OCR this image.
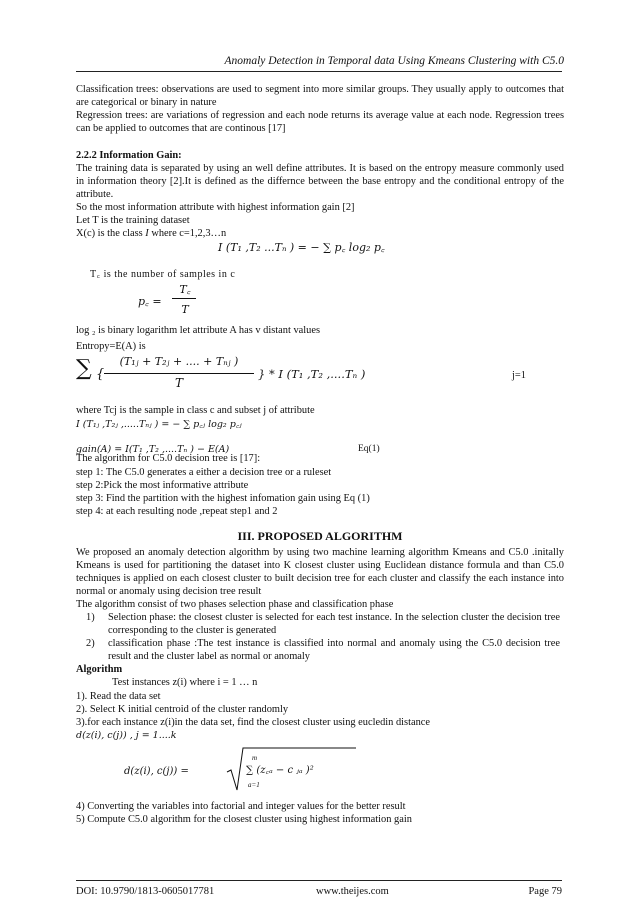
Anomaly Detection in Temporal data Using Kmeans Clustering with C5.0
Classification trees: observations are used to segment into more similar groups. They usually apply to outcomes that are categorical or binary in nature
Regression trees: are variations of regression and each node returns its average value at each node. Regression trees can be applied to outcomes that are continous [17]
2.2.2 Information Gain:
The training data is separated by using an well define attributes. It is based on the entropy measure commonly used in information theory [2].It is defined as the differnce between the base entropy and the conditional entropy of the attribute.
So the most information attribute with highest information gain [2]
Let T is the training dataset
X(c) is the class I where c=1,2,3…n
I (T₁ ,T₂ ...Tₙ ) = − ∑ p꜀ log₂ p꜀
T꜀ is the number of samples in c
p꜀ =
T꜀
T
log ₂ is binary logarithm let attribute A has v distant values
Entropy=E(A) is
∑ {
(T₁ⱼ + T₂ⱼ + .... + Tₙⱼ )
T
} * I (T₁ ,T₂ ,....Tₙ )	j=1
where Tcj is the sample in class c and subset j of attribute
I (T₁ⱼ ,T₂ⱼ ,.....Tₙⱼ ) = − ∑ p꜀ⱼ log₂ p꜀ⱼ
gain(A) = I(T₁ ,T₂ ,....Tₙ ) − E(A)	Eq(1)
The algorithm for C5.0 decision tree is [17]:
step 1: The C5.0 generates a either a decision tree or a ruleset
step 2:Pick the most informative attribute
step 3: Find the partition with the highest infomation gain using Eq (1)
step 4: at each resulting node ,repeat step1 and 2
III. PROPOSED ALGORITHM
We proposed an anomaly detection algorithm by using two machine learning algorithm Kmeans and C5.0 .initally Kmeans is used for partitioning the dataset into K closest cluster using Euclidean distance formula and than C5.0 techniques is applied on each closest cluster to built decision tree for each cluster and classify the each instance into normal or anomaly using decision tree result
The algorithm consist of two phases selection phase and classification phase
1) Selection phase: the closest cluster is selected for each test instance. In the selection cluster the decision tree corresponding to the cluster is generated
2) classification phase :The test instance is classified into normal and anomaly using the C5.0 decision tree result and the cluster label as normal or anomaly
Algorithm
Test instances z(i) where i = 1 … n
1). Read the data set
2). Select K initial centroid of the cluster randomly
3).for each instance z(i)in the data set, find the closest cluster using eucledin distance
d(z(i), c(j)) , j = 1....k
d(z(i), c(j)) =
m
∑ (z꜀ₐ − c ⱼₐ )²
a=1
4) Converting the variables into factorial and integer values for the better result
5) Compute C5.0 algorithm for the closest cluster using highest information gain
DOI: 10.9790/1813-0605017781	www.theijes.com	Page 79
